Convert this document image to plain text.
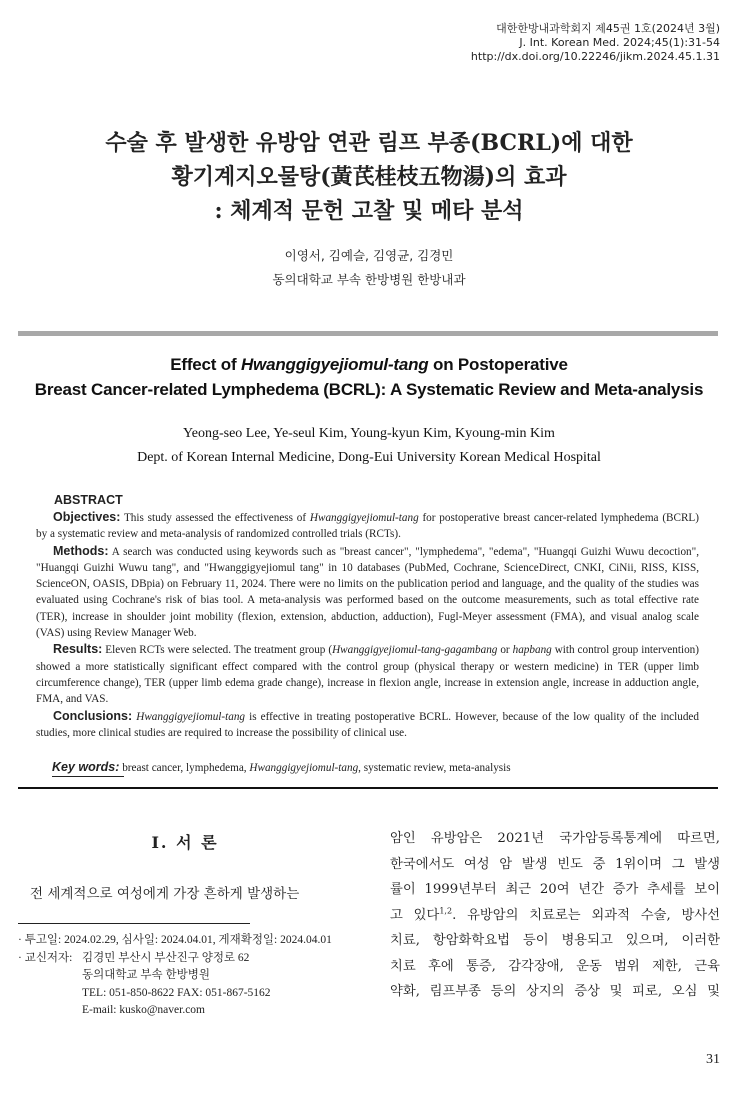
대한한방내과학회지 제45권 1호(2024년 3월)
J. Int. Korean Med. 2024;45(1):31-54
http://dx.doi.org/10.22246/jikm.2024.45.1.31
수술 후 발생한 유방암 연관 림프 부종(BCRL)에 대한
황기계지오물탕(黃芪桂枝五物湯)의 효과
: 체계적 문헌 고찰 및 메타 분석
이영서, 김예슬, 김영균, 김경민
동의대학교 부속 한방병원 한방내과
Effect of Hwanggigyejiomul-tang on Postoperative
Breast Cancer-related Lymphedema (BCRL): A Systematic Review and Meta-analysis
Yeong-seo Lee, Ye-seul Kim, Young-kyun Kim, Kyoung-min Kim
Dept. of Korean Internal Medicine, Dong-Eui University Korean Medical Hospital
ABSTRACT

Objectives: This study assessed the effectiveness of Hwanggigyejiomul-tang for postoperative breast cancer-related lymphedema (BCRL) by a systematic review and meta-analysis of randomized controlled trials (RCTs).

Methods: A search was conducted using keywords such as "breast cancer", "lymphedema", "edema", "Huangqi Guizhi Wuwu decoction", "Huangqi Guizhi Wuwu tang", and "Hwanggigyejiomul tang" in 10 databases (PubMed, Cochrane, ScienceDirect, CNKI, CiNii, RISS, KISS, ScienceON, OASIS, DBpia) on February 11, 2024. There were no limits on the publication period and language, and the quality of the studies was evaluated using Cochrane's risk of bias tool. A meta-analysis was performed based on the outcome measurements, such as total effective rate (TER), increase in shoulder joint mobility (flexion, extension, abduction, adduction), Fugl-Meyer assessment (FMA), and visual analog scale (VAS) using Review Manager Web.

Results: Eleven RCTs were selected. The treatment group (Hwanggigyejiomul-tang-gagambang or hapbang with control group intervention) showed a more statistically significant effect compared with the control group (physical therapy or western medicine) in TER (upper limb circumference change), TER (upper limb edema grade change), increase in flexion angle, increase in extension angle, increase in adduction angle, FMA, and VAS.

Conclusions: Hwanggigyejiomul-tang is effective in treating postoperative BCRL. However, because of the low quality of the included studies, more clinical studies are required to increase the possibility of clinical use.

Key words: breast cancer, lymphedema, Hwanggigyejiomul-tang, systematic review, meta-analysis
I. 서 론
전 세계적으로 여성에게 가장 흔하게 발생하는
· 투고일: 2024.02.29, 심사일: 2024.04.01, 게재확정일: 2024.04.01
· 교신저자: 김경민 부산시 부산진구 양정로 62
동의대학교 부속 한방병원
TEL: 051-850-8622 FAX: 051-867-5162
E-mail: kusko@naver.com
암인 유방암은 2021년 국가암등록통계에 따르면,
한국에서도 여성 암 발생 빈도 중 1위이며 그 발생
률이 1999년부터 최근 20여 년간 증가 추세를 보이
고 있다$^{1,2}$. 유방암의 치료로는 외과적 수술, 방사선
치료, 항암화학요법 등이 병용되고 있으며, 이러한
치료 후에 통증, 감각장애, 운동 범위 제한, 근육
약화, 림프부종 등의 상지의 증상 및 피로, 오심 및
31
